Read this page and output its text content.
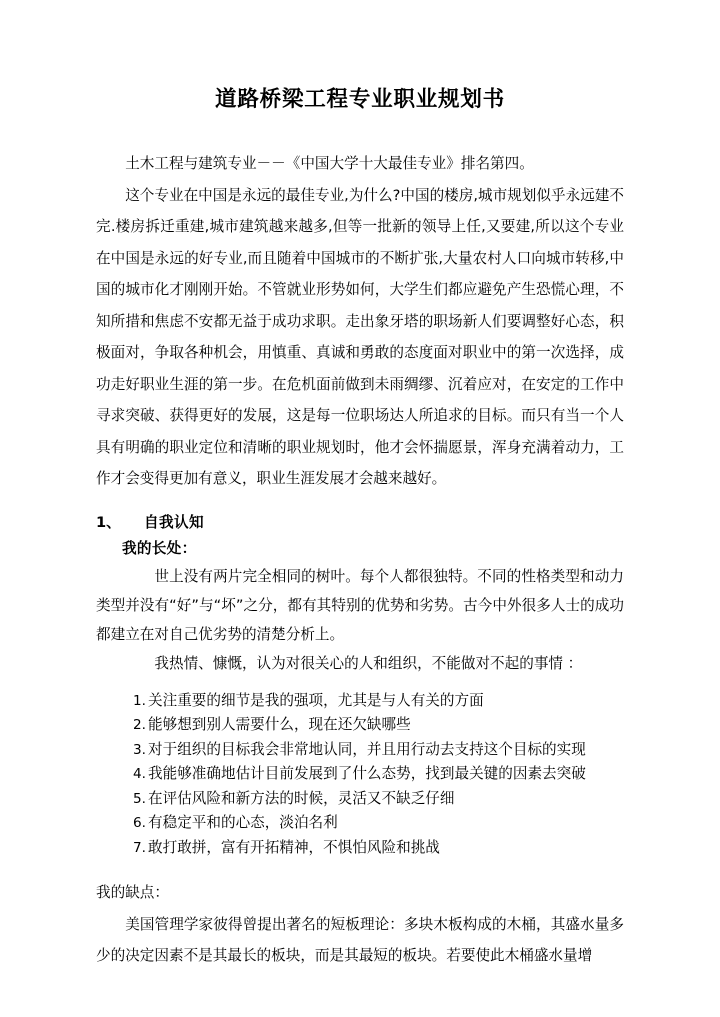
道路桥梁工程专业职业规划书

土木工程与建筑专业－－《中国大学十大最佳专业》排名第四。

这个专业在中国是永远的最佳专业,为什么?中国的楼房,城市规划似乎永远建不完.楼房拆迁重建,城市建筑越来越多,但等一批新的领导上任,又要建,所以这个专业在中国是永远的好专业,而且随着中国城市的不断扩张,大量农村人口向城市转移,中国的城市化才刚刚开始。不管就业形势如何，大学生们都应避免产生恐慌心理，不知所措和焦虑不安都无益于成功求职。走出象牙塔的职场新人们要调整好心态，积极面对，争取各种机会，用慎重、真诚和勇敢的态度面对职业中的第一次选择，成功走好职业生涯的第一步。在危机面前做到未雨绸缪、沉着应对，在安定的工作中寻求突破、获得更好的发展，这是每一位职场达人所追求的目标。而只有当一个人具有明确的职业定位和清晰的职业规划时，他才会怀揣愿景，浑身充满着动力，工作才会变得更加有意义，职业生涯发展才会越来越好。

1、	自我认知

我的长处：

世上没有两片完全相同的树叶。每个人都很独特。不同的性格类型和动力类型并没有“好”与“坏”之分，都有其特别的优势和劣势。古今中外很多人士的成功都建立在对自己优劣势的清楚分析上。

我热情、慷慨，认为对很关心的人和组织，不能做对不起的事情 ：

1. 关注重要的细节是我的强项，尤其是与人有关的方面
2. 能够想到别人需要什么，现在还欠缺哪些
3. 对于组织的目标我会非常地认同，并且用行动去支持这个目标的实现
4. 我能够准确地估计目前发展到了什么态势，找到最关键的因素去突破
5. 在评估风险和新方法的时候，灵活又不缺乏仔细
6. 有稳定平和的心态，淡泊名利
7. 敢打敢拼，富有开拓精神，不惧怕风险和挑战

我的缺点：

美国管理学家彼得曾提出著名的短板理论：多块木板构成的木桶，其盛水量多少的决定因素不是其最长的板块，而是其最短的板块。若要使此木桶盛水量增
